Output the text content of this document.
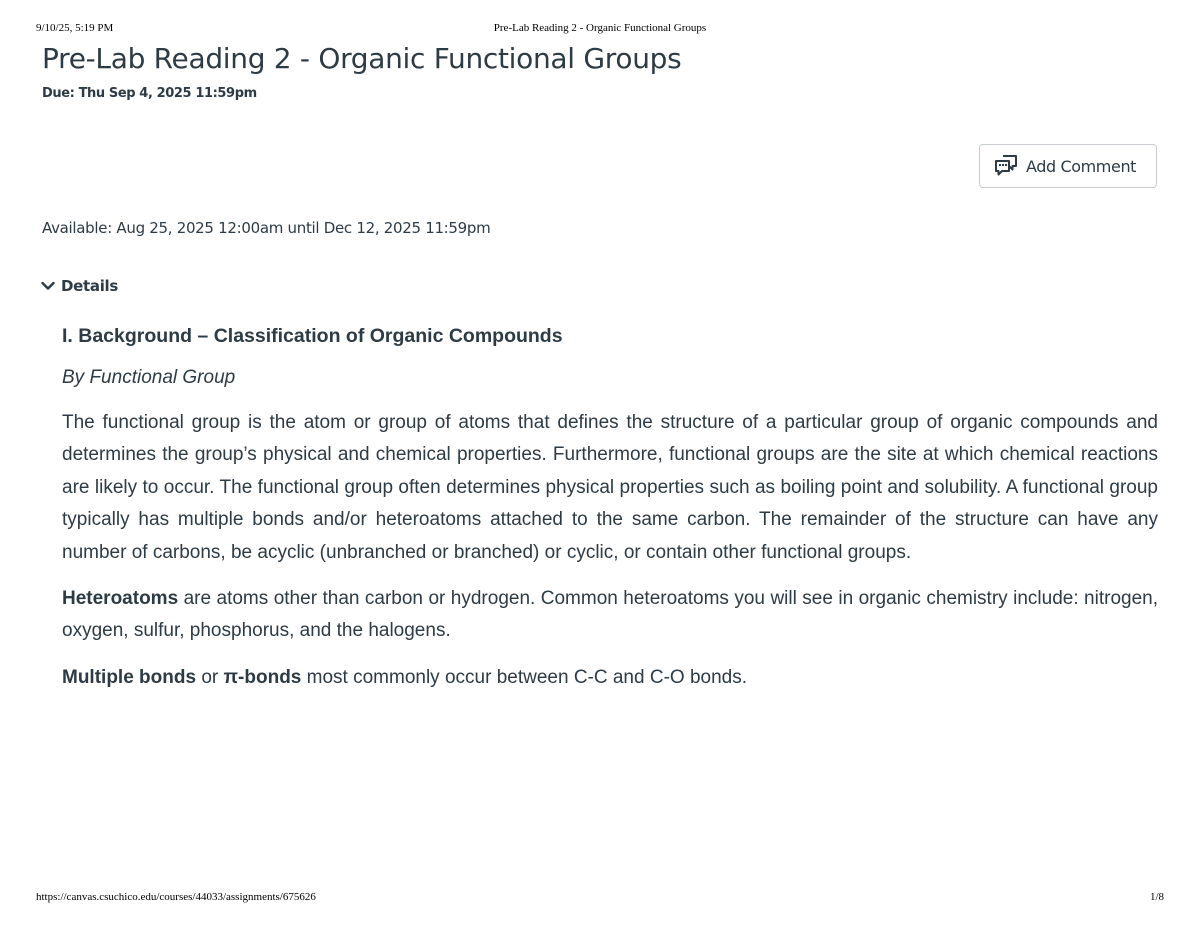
9/10/25, 5:19 PM	Pre-Lab Reading 2 - Organic Functional Groups
Pre-Lab Reading 2 - Organic Functional Groups
Due: Thu Sep 4, 2025 11:59pm
Add Comment
Available: Aug 25, 2025 12:00am until Dec 12, 2025 11:59pm
Details
I. Background – Classification of Organic Compounds
By Functional Group

The functional group is the atom or group of atoms that defines the structure of a particular group of organic compounds and determines the group’s physical and chemical properties. Furthermore, functional groups are the site at which chemical reactions are likely to occur. The functional group often determines physical properties such as boiling point and solubility. A functional group typically has multiple bonds and/or heteroatoms attached to the same carbon. The remainder of the structure can have any number of carbons, be acyclic (unbranched or branched) or cyclic, or contain other functional groups.

Heteroatoms are atoms other than carbon or hydrogen. Common heteroatoms you will see in organic chemistry include: nitrogen, oxygen, sulfur, phosphorus, and the halogens.

Multiple bonds or π-bonds most commonly occur between C-C and C-O bonds.

https://canvas.csuchico.edu/courses/44033/assignments/675626	1/8
